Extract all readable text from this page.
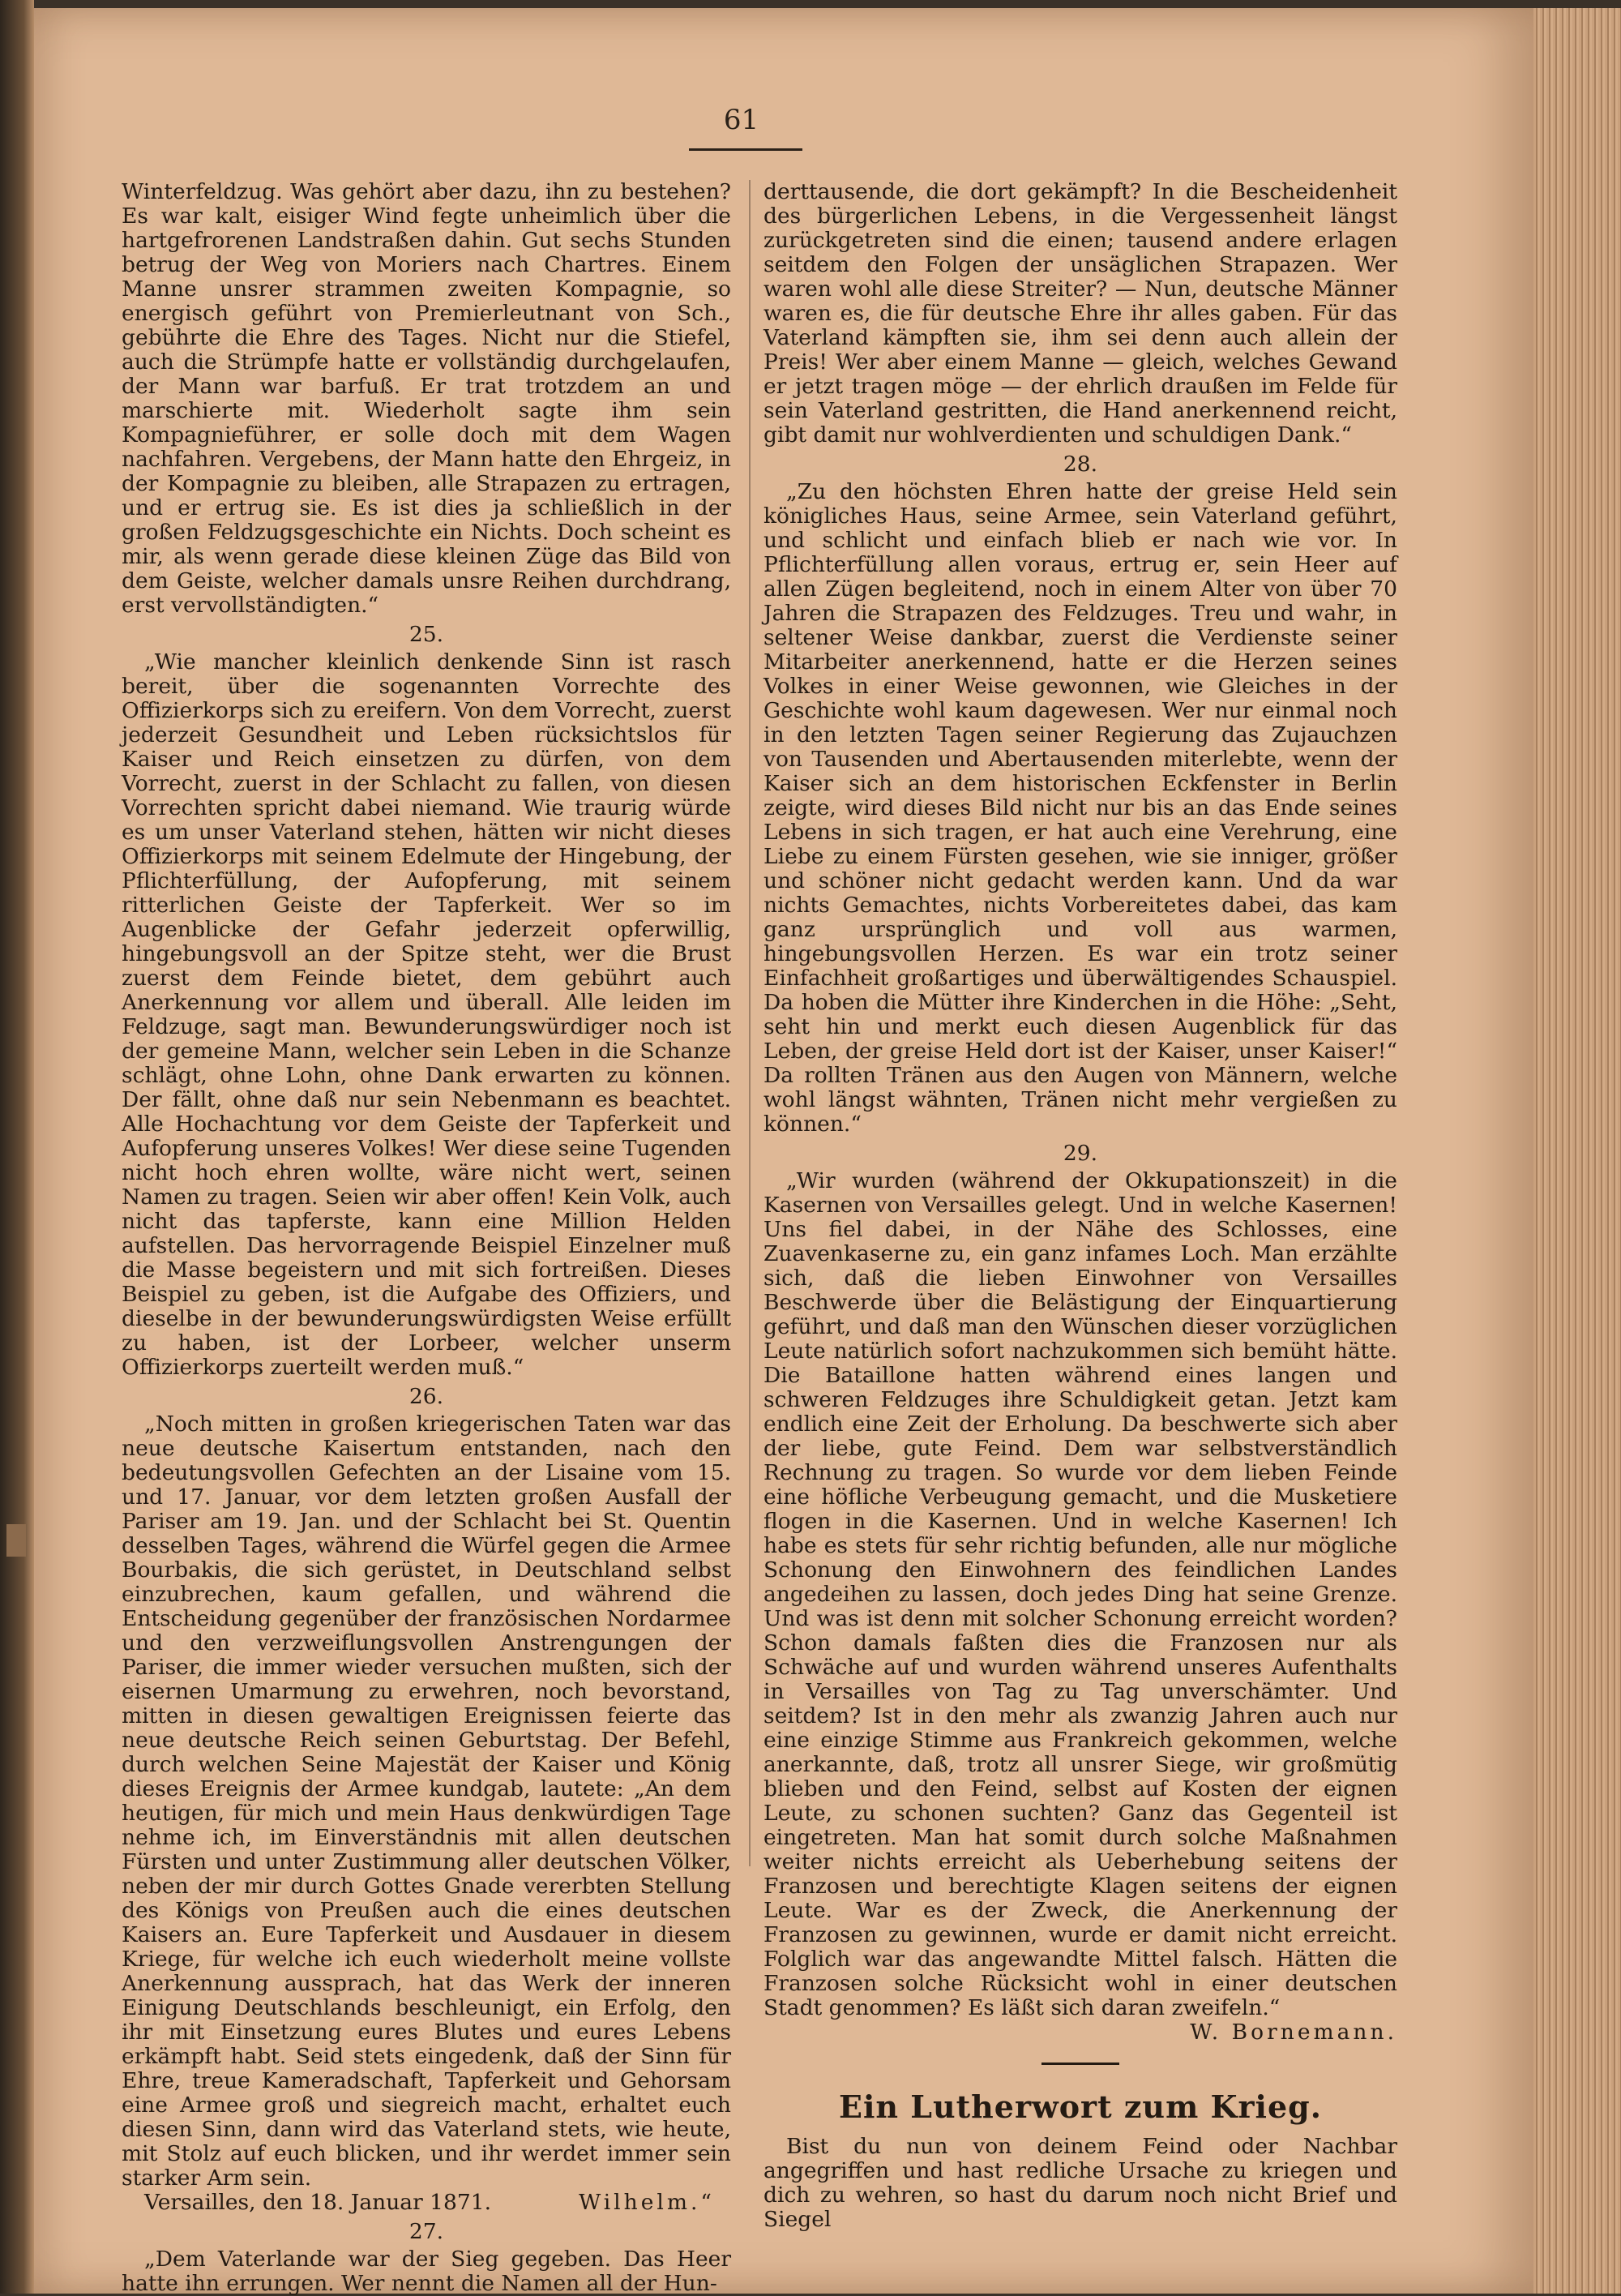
61

Winterfeldzug. Was gehört aber dazu, ihn zu bestehen? Es war kalt, eisiger Wind fegte unheimlich über die hartgefrorenen Landstraßen dahin. Gut sechs Stunden betrug der Weg von Moriers nach Chartres. Einem Manne unsrer strammen zweiten Kompagnie, so energisch geführt von Premierleutnant von Sch., gebührte die Ehre des Tages. Nicht nur die Stiefel, auch die Strümpfe hatte er vollständig durchgelaufen, der Mann war barfuß. Er trat trotzdem an und marschierte mit. Wiederholt sagte ihm sein Kompagnieführer, er solle doch mit dem Wagen nachfahren. Vergebens, der Mann hatte den Ehrgeiz, in der Kompagnie zu bleiben, alle Strapazen zu ertragen, und er ertrug sie. Es ist dies ja schließlich in der großen Feldzugsgeschichte ein Nichts. Doch scheint es mir, als wenn gerade diese kleinen Züge das Bild von dem Geiste, welcher damals unsre Reihen durchdrang, erst vervollständigten.“

25.

„Wie mancher kleinlich denkende Sinn ist rasch bereit, über die sogenannten Vorrechte des Offizierkorps sich zu ereifern. Von dem Vorrecht, zuerst jederzeit Gesundheit und Leben rücksichtslos für Kaiser und Reich einsetzen zu dürfen, von dem Vorrecht, zuerst in der Schlacht zu fallen, von diesen Vorrechten spricht dabei niemand. Wie traurig würde es um unser Vaterland stehen, hätten wir nicht dieses Offizierkorps mit seinem Edelmute der Hingebung, der Pflichterfüllung, der Aufopferung, mit seinem ritterlichen Geiste der Tapferkeit. Wer so im Augenblicke der Gefahr jederzeit opferwillig, hingebungsvoll an der Spitze steht, wer die Brust zuerst dem Feinde bietet, dem gebührt auch Anerkennung vor allem und überall. Alle leiden im Feldzuge, sagt man. Bewunderungswürdiger noch ist der gemeine Mann, welcher sein Leben in die Schanze schlägt, ohne Lohn, ohne Dank erwarten zu können. Der fällt, ohne daß nur sein Nebenmann es beachtet. Alle Hochachtung vor dem Geiste der Tapferkeit und Aufopferung unseres Volkes! Wer diese seine Tugenden nicht hoch ehren wollte, wäre nicht wert, seinen Namen zu tragen. Seien wir aber offen! Kein Volk, auch nicht das tapferste, kann eine Million Helden aufstellen. Das hervorragende Beispiel Einzelner muß die Masse begeistern und mit sich fortreißen. Dieses Beispiel zu geben, ist die Aufgabe des Offiziers, und dieselbe in der bewunderungswürdigsten Weise erfüllt zu haben, ist der Lorbeer, welcher unserm Offizierkorps zuerteilt werden muß.“

26.

„Noch mitten in großen kriegerischen Taten war das neue deutsche Kaisertum entstanden, nach den bedeutungsvollen Gefechten an der Lisaine vom 15. und 17. Januar, vor dem letzten großen Ausfall der Pariser am 19. Jan. und der Schlacht bei St. Quentin desselben Tages, während die Würfel gegen die Armee Bourbakis, die sich gerüstet, in Deutschland selbst einzubrechen, kaum gefallen, und während die Entscheidung gegenüber der französischen Nordarmee und den verzweiflungsvollen Anstrengungen der Pariser, die immer wieder versuchen mußten, sich der eisernen Umarmung zu erwehren, noch bevorstand, mitten in diesen gewaltigen Ereignissen feierte das neue deutsche Reich seinen Geburtstag. Der Befehl, durch welchen Seine Majestät der Kaiser und König dieses Ereignis der Armee kundgab, lautete: „An dem heutigen, für mich und mein Haus denkwürdigen Tage nehme ich, im Einverständnis mit allen deutschen Fürsten und unter Zustimmung aller deutschen Völker, neben der mir durch Gottes Gnade vererbten Stellung des Königs von Preußen auch die eines deutschen Kaisers an. Eure Tapferkeit und Ausdauer in diesem Kriege, für welche ich euch wiederholt meine vollste Anerkennung aussprach, hat das Werk der inneren Einigung Deutschlands beschleunigt, ein Erfolg, den ihr mit Einsetzung eures Blutes und eures Lebens erkämpft habt. Seid stets eingedenk, daß der Sinn für Ehre, treue Kameradschaft, Tapferkeit und Gehorsam eine Armee groß und siegreich macht, erhaltet euch diesen Sinn, dann wird das Vaterland stets, wie heute, mit Stolz auf euch blicken, und ihr werdet immer sein starker Arm sein.

Versailles, den 18. Januar 1871.	Wilhelm.“
27.

„Dem Vaterlande war der Sieg gegeben. Das Heer hatte ihn errungen. Wer nennt die Namen all der Hun-

derttausende, die dort gekämpft? In die Bescheidenheit des bürgerlichen Lebens, in die Vergessenheit längst zurückgetreten sind die einen; tausend andere erlagen seitdem den Folgen der unsäglichen Strapazen. Wer waren wohl alle diese Streiter? — Nun, deutsche Männer waren es, die für deutsche Ehre ihr alles gaben. Für das Vaterland kämpften sie, ihm sei denn auch allein der Preis! Wer aber einem Manne — gleich, welches Gewand er jetzt tragen möge — der ehrlich draußen im Felde für sein Vaterland gestritten, die Hand anerkennend reicht, gibt damit nur wohlverdienten und schuldigen Dank.“

28.

„Zu den höchsten Ehren hatte der greise Held sein königliches Haus, seine Armee, sein Vaterland geführt, und schlicht und einfach blieb er nach wie vor. In Pflichterfüllung allen voraus, ertrug er, sein Heer auf allen Zügen begleitend, noch in einem Alter von über 70 Jahren die Strapazen des Feldzuges. Treu und wahr, in seltener Weise dankbar, zuerst die Verdienste seiner Mitarbeiter anerkennend, hatte er die Herzen seines Volkes in einer Weise gewonnen, wie Gleiches in der Geschichte wohl kaum dagewesen. Wer nur einmal noch in den letzten Tagen seiner Regierung das Zujauchzen von Tausenden und Abertausenden miterlebte, wenn der Kaiser sich an dem historischen Eckfenster in Berlin zeigte, wird dieses Bild nicht nur bis an das Ende seines Lebens in sich tragen, er hat auch eine Verehrung, eine Liebe zu einem Fürsten gesehen, wie sie inniger, größer und schöner nicht gedacht werden kann. Und da war nichts Gemachtes, nichts Vorbereitetes dabei, das kam ganz ursprünglich und voll aus warmen, hingebungsvollen Herzen. Es war ein trotz seiner Einfachheit großartiges und überwältigendes Schauspiel. Da hoben die Mütter ihre Kinderchen in die Höhe: „Seht, seht hin und merkt euch diesen Augenblick für das Leben, der greise Held dort ist der Kaiser, unser Kaiser!“ Da rollten Tränen aus den Augen von Männern, welche wohl längst wähnten, Tränen nicht mehr vergießen zu können.“

29.

„Wir wurden (während der Okkupationszeit) in die Kasernen von Versailles gelegt. Und in welche Kasernen! Uns fiel dabei, in der Nähe des Schlosses, eine Zuavenkaserne zu, ein ganz infames Loch. Man erzählte sich, daß die lieben Einwohner von Versailles Beschwerde über die Belästigung der Einquartierung geführt, und daß man den Wünschen dieser vorzüglichen Leute natürlich sofort nachzukommen sich bemüht hätte. Die Bataillone hatten während eines langen und schweren Feldzuges ihre Schuldigkeit getan. Jetzt kam endlich eine Zeit der Erholung. Da beschwerte sich aber der liebe, gute Feind. Dem war selbstverständlich Rechnung zu tragen. So wurde vor dem lieben Feinde eine höfliche Verbeugung gemacht, und die Musketiere flogen in die Kasernen. Und in welche Kasernen! Ich habe es stets für sehr richtig befunden, alle nur mögliche Schonung den Einwohnern des feindlichen Landes angedeihen zu lassen, doch jedes Ding hat seine Grenze. Und was ist denn mit solcher Schonung erreicht worden? Schon damals faßten dies die Franzosen nur als Schwäche auf und wurden während unseres Aufenthalts in Versailles von Tag zu Tag unverschämter. Und seitdem? Ist in den mehr als zwanzig Jahren auch nur eine einzige Stimme aus Frankreich gekommen, welche anerkannte, daß, trotz all unsrer Siege, wir großmütig blieben und den Feind, selbst auf Kosten der eignen Leute, zu schonen suchten? Ganz das Gegenteil ist eingetreten. Man hat somit durch solche Maßnahmen weiter nichts erreicht als Ueberhebung seitens der Franzosen und berechtigte Klagen seitens der eignen Leute. War es der Zweck, die Anerkennung der Franzosen zu gewinnen, wurde er damit nicht erreicht. Folglich war das angewandte Mittel falsch. Hätten die Franzosen solche Rücksicht wohl in einer deutschen Stadt genommen? Es läßt sich daran zweifeln.“

W. Bornemann.

Ein Lutherwort zum Krieg.

Bist du nun von deinem Feind oder Nachbar angegriffen und hast redliche Ursache zu kriegen und dich zu wehren, so hast du darum noch nicht Brief und Siegel
